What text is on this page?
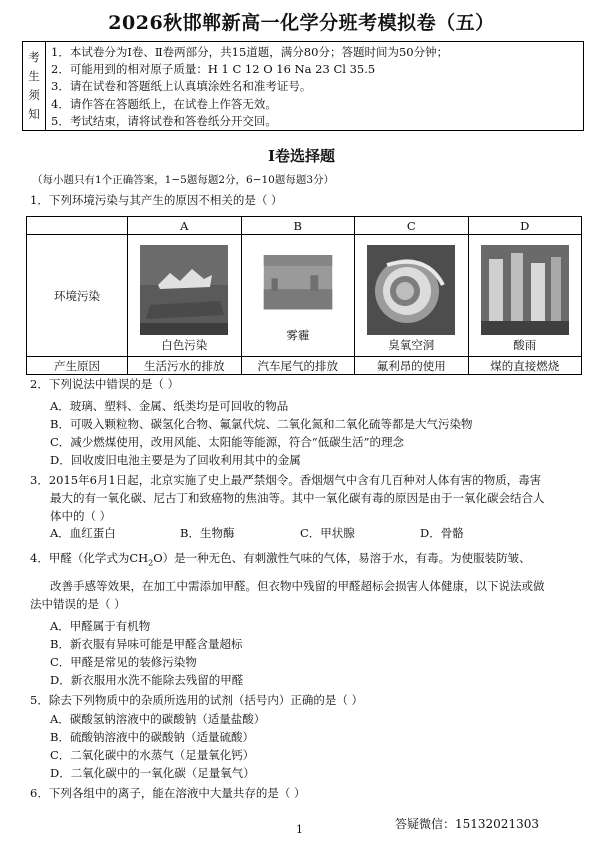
2026秋邯郸新高一化学分班考模拟卷（五）
考
生
须
知
1．本试卷分为Ⅰ卷、Ⅱ卷两部分，共15道题，满分80分；答题时间为50分钟；
2．可能用到的相对原子质量：H 1 C 12 O 16 Na 23 Cl 35.5
3．请在试卷和答题纸上认真填涂姓名和准考证号。
4．请作答在答题纸上，在试卷上作答无效。
5．考试结束，请将试卷和答卷纸分开交回。
Ⅰ卷选择题
（每小题只有1个正确答案，1−5题每题2分，6−10题每题3分）
1．下列环境污染与其产生的原因不相关的是（ ）
	A	B	C	D
环境污染	白色污染	雾霾	臭氧空洞	酸雨

产生原因	生活污水的排放	汽车尾气的排放	氟利昂的使用	煤的直接燃烧
2．下列说法中错误的是（ ）
A．玻璃、塑料、金属、纸类均是可回收的物品
B．可吸入颗粒物、碳氢化合物、氟氯代烷、二氧化氮和二氧化硫等都是大气污染物
C．减少燃煤使用，改用风能、太阳能等能源，符合“低碳生活”的理念
D．回收废旧电池主要是为了回收利用其中的金属
3．2015年6月1日起，北京实施了史上最严禁烟令。香烟烟气中含有几百种对人体有害的物质，毒害
最大的有一氧化碳、尼古丁和致癌物的焦油等。其中一氧化碳有毒的原因是由于一氧化碳会结合人
体中的（ ）
A．血红蛋白	B．生物酶	C．甲状腺	D．骨骼
4．甲醛（化学式为$CH_2O$）是一种无色、有刺激性气味的气体，易溶于水，有毒。为使服装防皱、
改善手感等效果，在加工中需添加甲醛。但衣物中残留的甲醛超标会损害人体健康，以下说法或做
法中错误的是（ ）
A．甲醛属于有机物
B．新衣服有异味可能是甲醛含量超标
C．甲醛是常见的装修污染物
D．新衣服用水洗不能除去残留的甲醛
5．除去下列物质中的杂质所选用的试剂（括号内）正确的是（ ）
A．碳酸氢钠溶液中的碳酸钠（适量盐酸）
B．硫酸钠溶液中的碳酸钠（适量硫酸）
C．二氧化碳中的水蒸气（足量氧化钙）
D．二氧化碳中的一氧化碳（足量氧气）
6．下列各组中的离子，能在溶液中大量共存的是（ ）
1	答疑微信：15132021303
